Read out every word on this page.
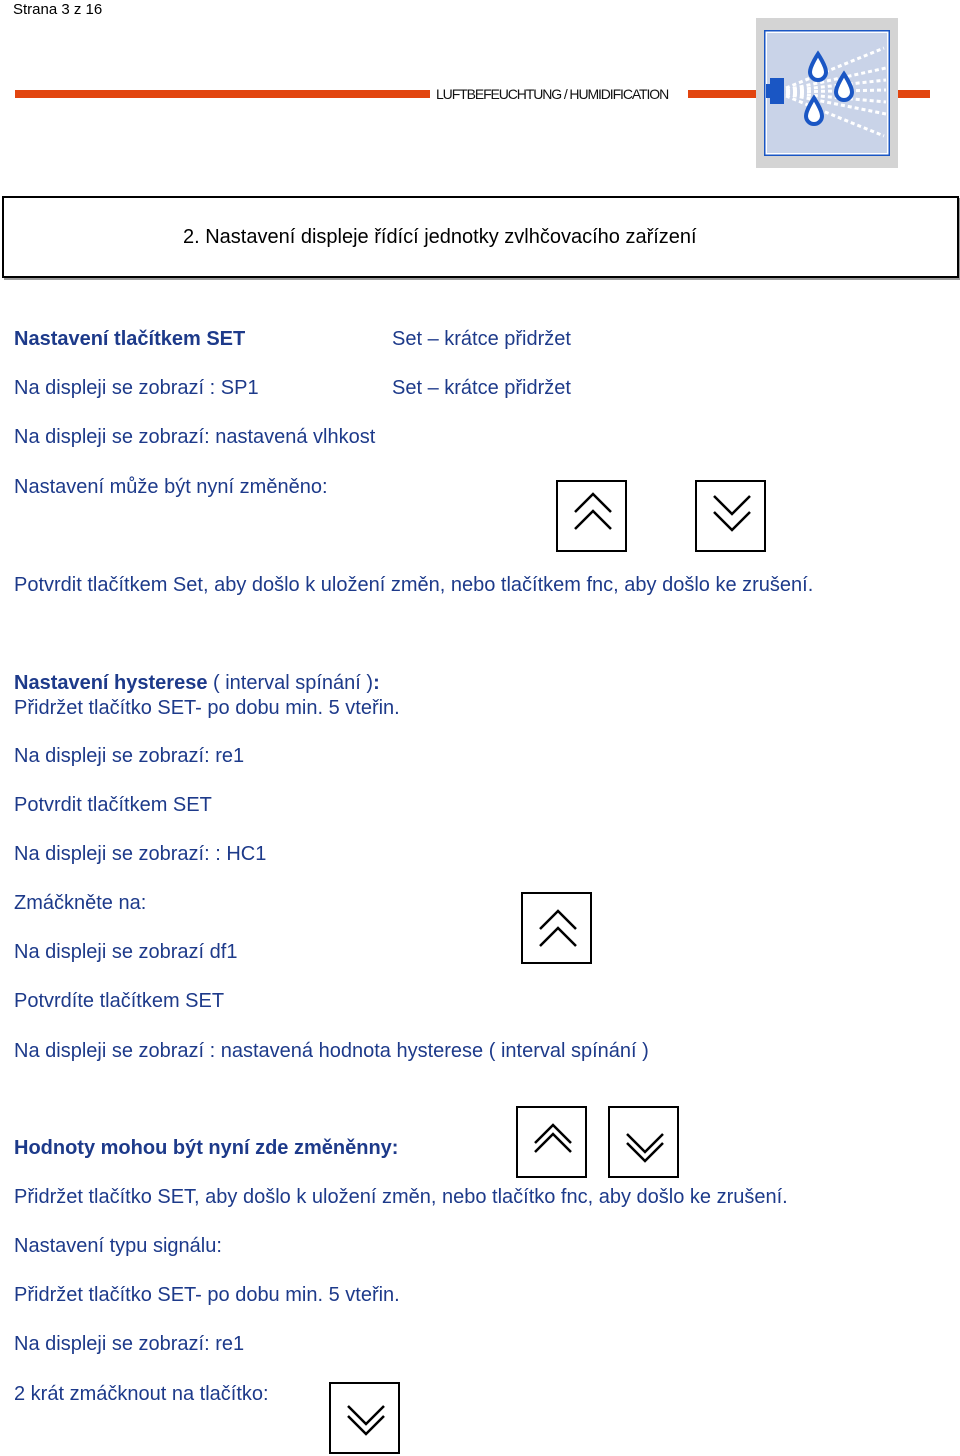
Strana 3 z 16
LUFTBEFEUCHTUNG / HUMIDIFICATION
2. Nastavení displeje řídící jednotky zvlhčovacího zařízení
Nastavení tlačítkem SET	Set – krátce přidržet
Na displeji se zobrazí : SP1	Set – krátce přidržet
Na displeji se zobrazí: nastavená vlhkost
Nastavení může být nyní změněno:
Potvrdit tlačítkem Set, aby došlo k uložení změn, nebo tlačítkem fnc, aby došlo ke zrušení.
Nastavení hysterese ( interval spínání ):
Přidržet tlačítko SET- po dobu min. 5 vteřin.
Na displeji se zobrazí: re1
Potvrdit tlačítkem SET
Na displeji se zobrazí: : HC1
Zmáčkněte na:
Na displeji se zobrazí df1
Potvrdíte tlačítkem SET
Na displeji se zobrazí : nastavená hodnota hysterese ( interval spínání )
Hodnoty mohou být nyní zde změněnny:
Přidržet tlačítko SET, aby došlo k uložení změn, nebo tlačítko fnc, aby došlo ke zrušení.
Nastavení typu signálu:
Přidržet tlačítko SET- po dobu min. 5 vteřin.
Na displeji se zobrazí: re1
2 krát zmáčknout na tlačítko:
